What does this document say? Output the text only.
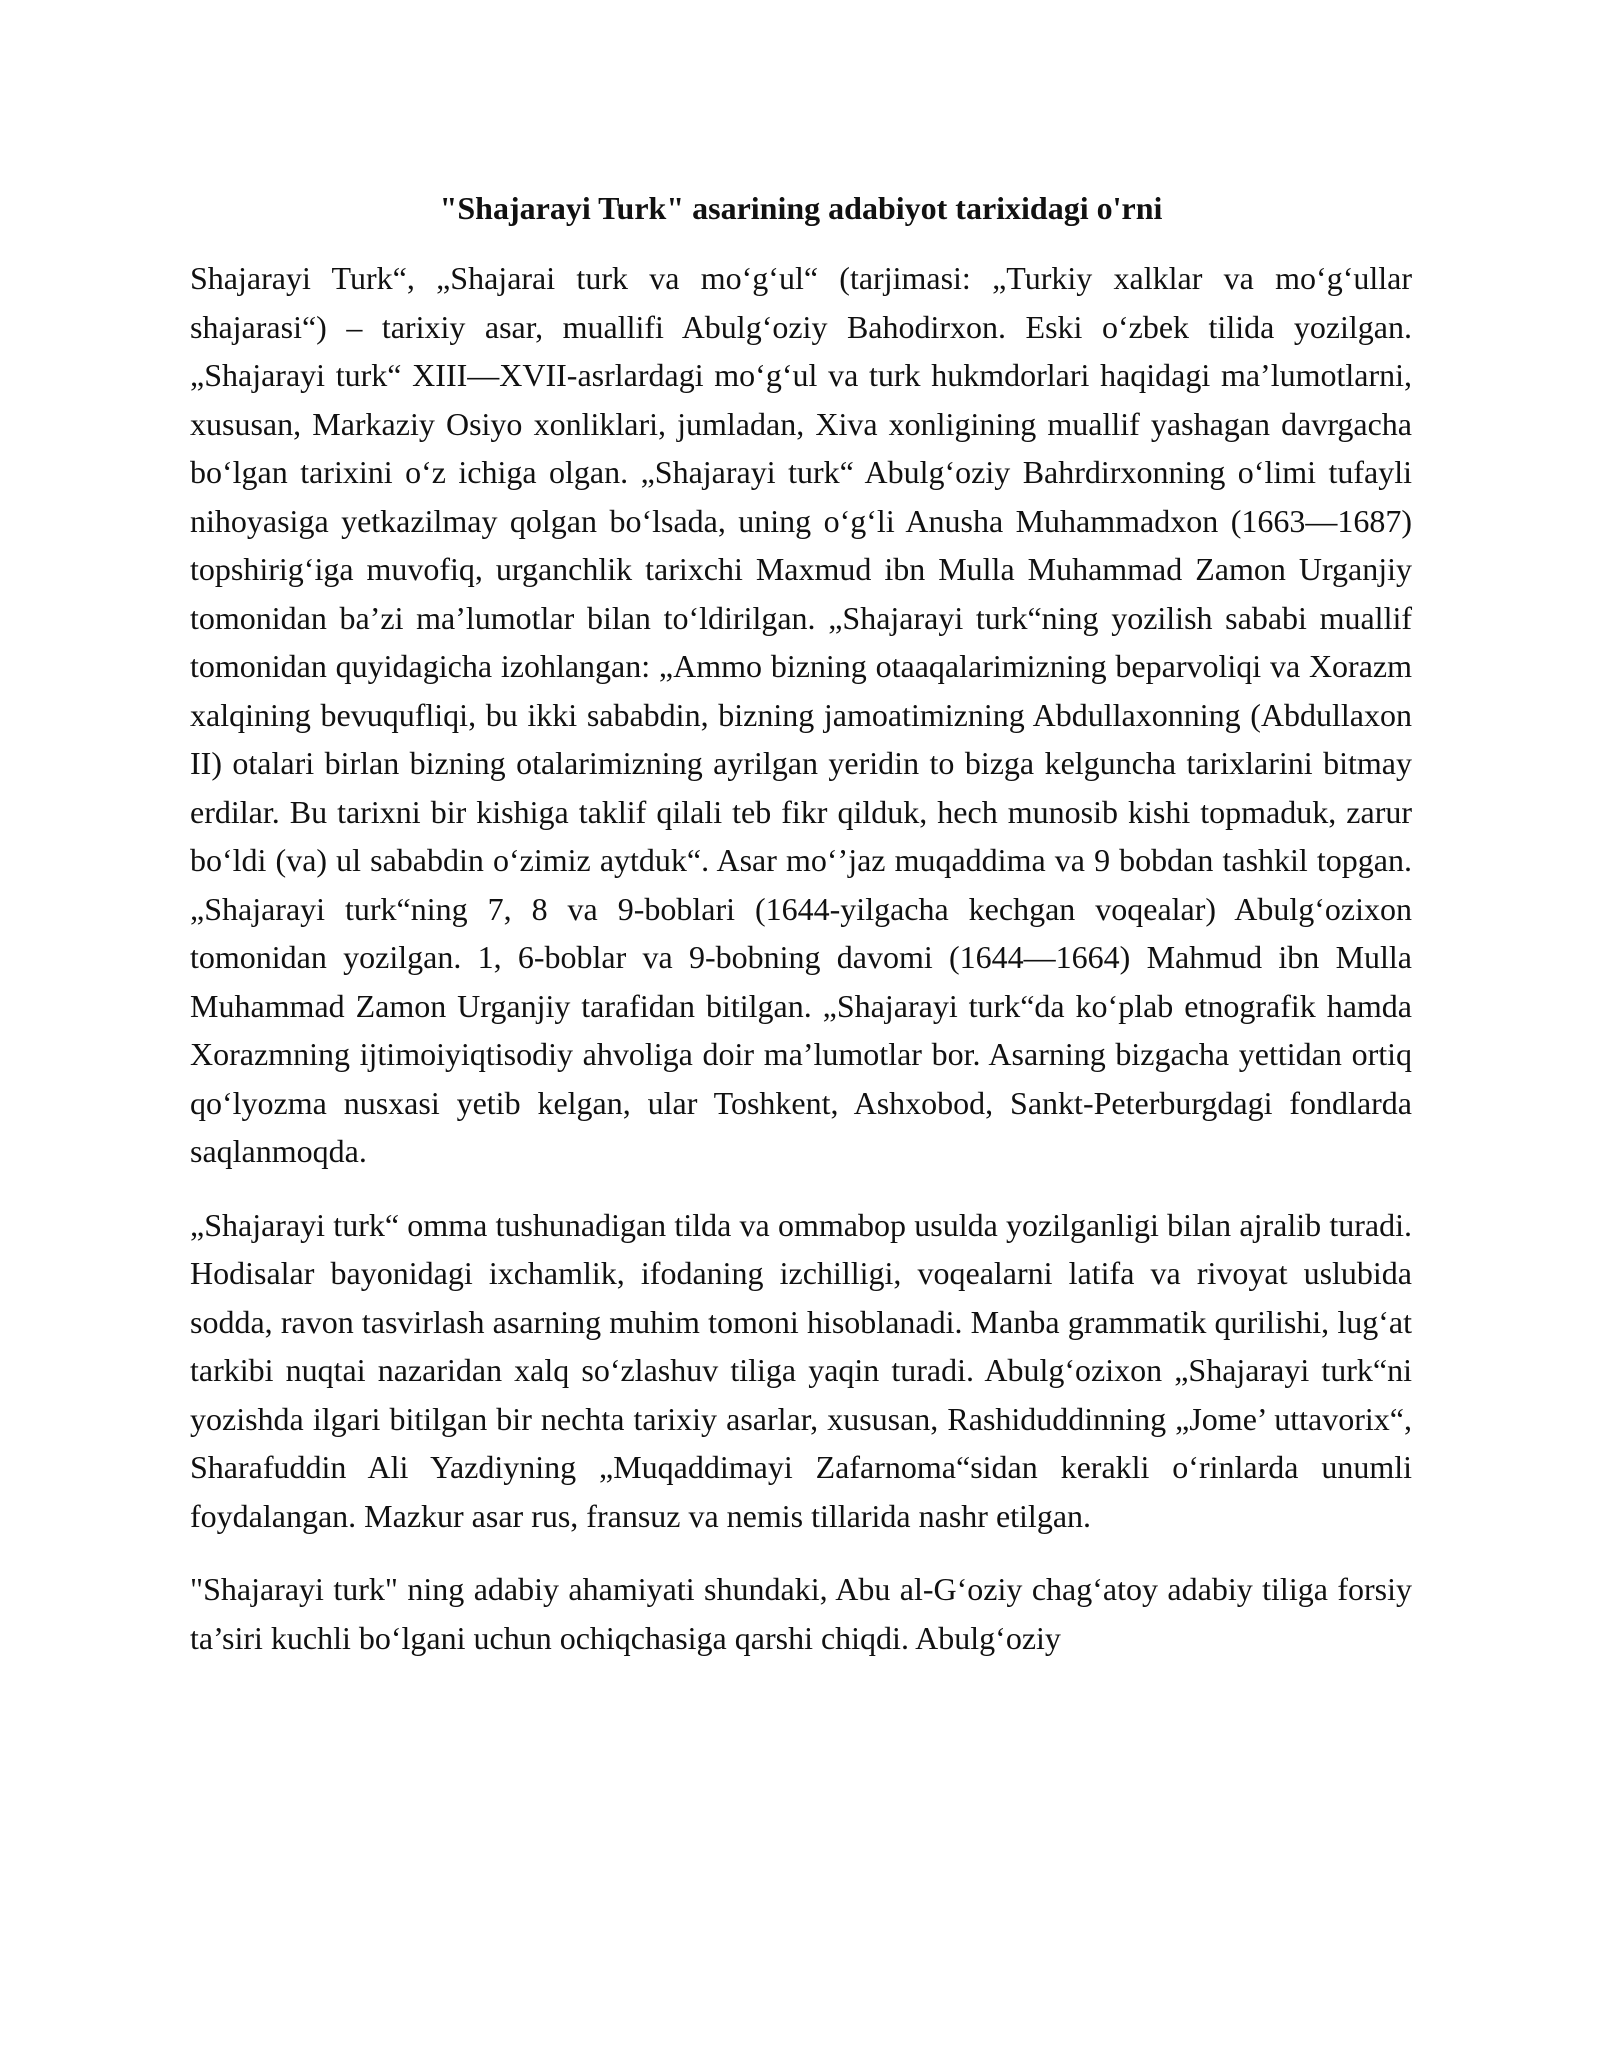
"Shajarayi Turk" asarining adabiyot tarixidagi o'rni

Shajarayi Turk“, „Shajarai turk va mo‘g‘ul“ (tarjimasi: „Turkiy xalklar va mo‘g‘ullar shajarasi“) – tarixiy asar, muallifi Abulg‘oziy Bahodirxon. Eski o‘zbek tilida yozilgan. „Shajarayi turk“ XIII—XVII-asrlardagi mo‘g‘ul va turk hukmdorlari haqidagi ma’lumotlarni, xususan, Markaziy Osiyo xonliklari, jumladan, Xiva xonligining muallif yashagan davrgacha bo‘lgan tarixini o‘z ichiga olgan. „Shajarayi turk“ Abulg‘oziy Bahrdirxonning o‘limi tufayli nihoyasiga yetkazilmay qolgan bo‘lsada, uning o‘g‘li Anusha Muhammadxon (1663—1687) topshirig‘iga muvofiq, urganchlik tarixchi Maxmud ibn Mulla Muhammad Zamon Urganjiy tomonidan ba’zi ma’lumotlar bilan to‘ldirilgan. „Shajarayi turk“ning yozilish sababi muallif tomonidan quyidagicha izohlangan: „Ammo bizning otaaqalarimizning beparvoliqi va Xorazm xalqining bevuqufliqi, bu ikki sababdin, bizning jamoatimizning Abdullaxonning (Abdullaxon II) otalari birlan bizning otalarimizning ayrilgan yeridin to bizga kelguncha tarixlarini bitmay erdilar. Bu tarixni bir kishiga taklif qilali teb fikr qilduk, hech munosib kishi topmaduk, zarur bo‘ldi (va) ul sababdin o‘zimiz aytduk“. Asar mo‘’jaz muqaddima va 9 bobdan tashkil topgan.„Shajarayi turk“ning 7, 8 va 9-boblari (1644-yilgacha kechgan voqealar) Abulg‘ozixon tomonidan yozilgan. 1, 6-boblar va 9-bobning davomi (1644—1664) Mahmud ibn Mulla Muhammad Zamon Urganjiy tarafidan bitilgan. „Shajarayi turk“da ko‘plab etnografik hamda Xorazmning ijtimoiyiqtisodiy ahvoliga doir ma’lumotlar bor. Asarning bizgacha yettidan ortiq qo‘lyozma nusxasi yetib kelgan, ular Toshkent, Ashxobod, Sankt-Peterburgdagi fondlarda saqlanmoqda.

„Shajarayi turk“ omma tushunadigan tilda va ommabop usulda yozilganligi bilan ajralib turadi. Hodisalar bayonidagi ixchamlik, ifodaning izchilligi, voqealarni latifa va rivoyat uslubida sodda, ravon tasvirlash asarning muhim tomoni hisoblanadi. Manba grammatik qurilishi, lug‘at tarkibi nuqtai nazaridan xalq so‘zlashuv tiliga yaqin turadi. Abulg‘ozixon „Shajarayi turk“ni yozishda ilgari bitilgan bir nechta tarixiy asarlar, xususan, Rashiduddinning „Jome’ uttavorix“, Sharafuddin Ali Yazdiyning „Muqaddimayi Zafarnoma“sidan kerakli o‘rinlarda unumli foydalangan. Mazkur asar rus, fransuz va nemis tillarida nashr etilgan.

"Shajarayi turk" ning adabiy ahamiyati shundaki, Abu al-G‘oziy chag‘atoy adabiy tiliga forsiy ta’siri kuchli bo‘lgani uchun ochiqchasiga qarshi chiqdi. Abulg‘oziy
